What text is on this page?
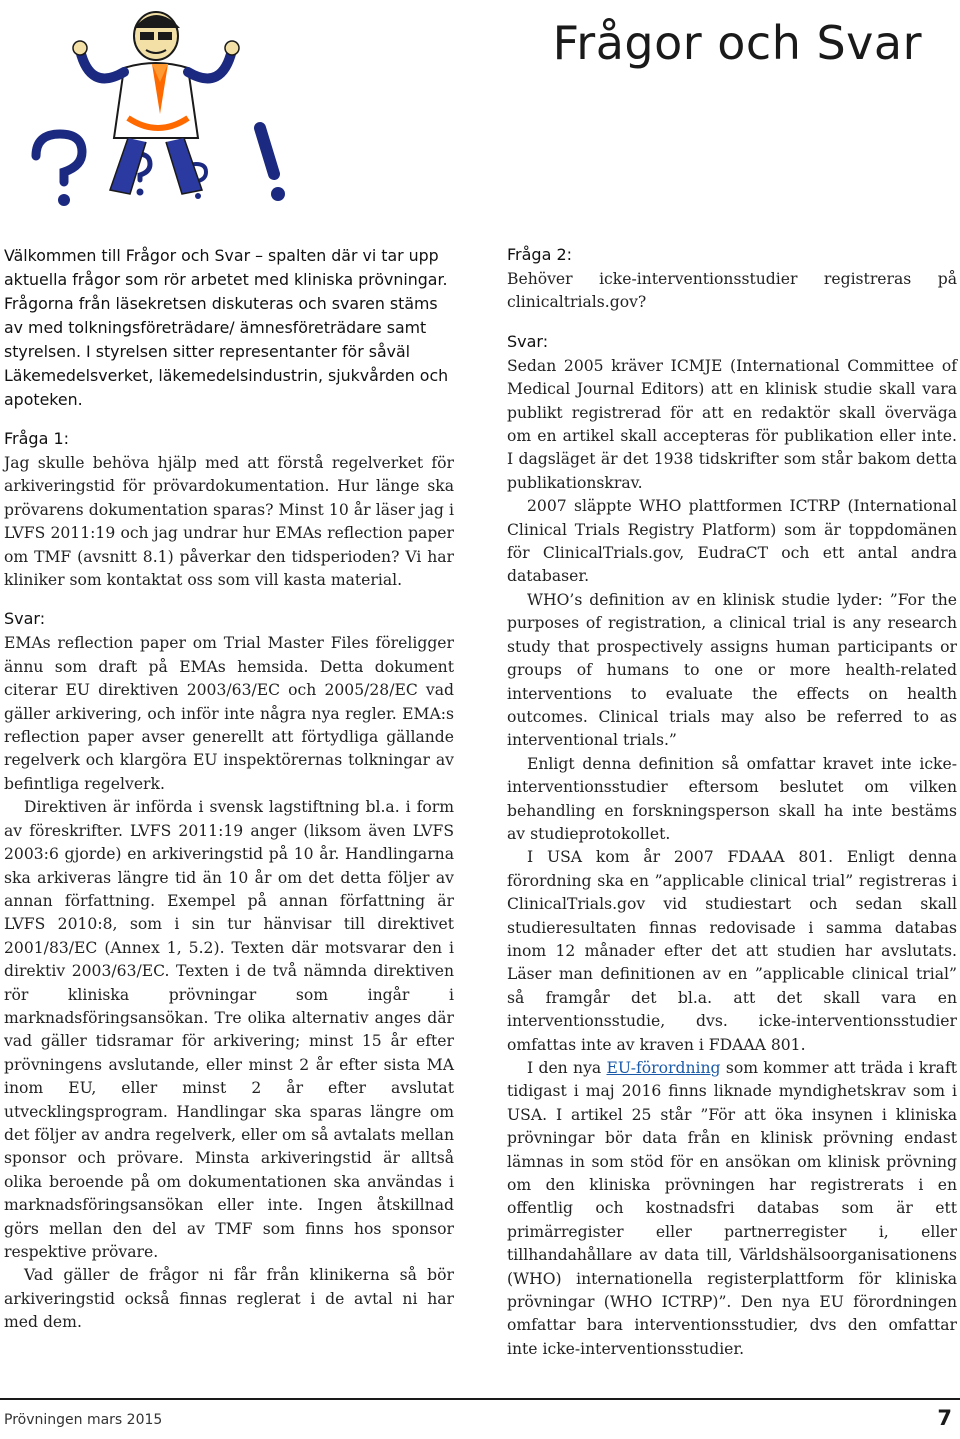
Frågor och Svar

Välkommen till Frågor och Svar – spalten där vi tar upp aktuella frågor som rör arbetet med kliniska prövningar. Frågorna från läsekretsen diskuteras och svaren stäms av med tolkningsföreträdare/ ämnesföreträdare samt styrelsen. I styrelsen sitter representanter för såväl Läkemedelsverket, läkemedelsindustrin, sjukvården och apoteken.

Fråga 1:

Jag skulle behöva hjälp med att förstå regelverket för arkiveringstid för prövardokumentation. Hur länge ska prövarens dokumentation sparas? Minst 10 år läser jag i LVFS 2011:19 och jag undrar hur EMAs reflection paper om TMF (avsnitt 8.1) påverkar den tidsperioden? Vi har kliniker som kontaktat oss som vill kasta material.

Svar:

EMAs reflection paper om Trial Master Files föreligger ännu som draft på EMAs hemsida. Detta dokument citerar EU direktiven 2003/63/EC och 2005/28/EC vad gäller arkivering, och inför inte några nya regler. EMA:s reflection paper avser generellt att förtydliga gällande regelverk och klargöra EU inspektörernas tolkningar av befintliga regelverk.

Direktiven är införda i svensk lagstiftning bl.a. i form av föreskrifter. LVFS 2011:19 anger (liksom även LVFS 2003:6 gjorde) en arkiveringstid på 10 år. Handlingarna ska arkiveras längre tid än 10 år om det detta följer av annan författning. Exempel på annan författning är LVFS 2010:8, som i sin tur hänvisar till direktivet 2001/83/EC (Annex 1, 5.2). Texten där motsvarar den i direktiv 2003/63/EC. Texten i de två nämnda direktiven rör kliniska prövningar som ingår i marknadsföringsansökan. Tre olika alternativ anges där vad gäller tidsramar för arkivering; minst 15 år efter prövningens avslutande, eller minst 2 år efter sista MA inom EU, eller minst 2 år efter avslutat utvecklingsprogram. Handlingar ska sparas längre om det följer av andra regelverk, eller om så avtalats mellan sponsor och prövare. Minsta arkiveringstid är alltså olika beroende på om dokumentationen ska användas i marknadsföringsansökan eller inte. Ingen åtskillnad görs mellan den del av TMF som finns hos sponsor respektive prövare.

Vad gäller de frågor ni får från klinikerna så bör arkiveringstid också finnas reglerat i de avtal ni har med dem.

Fråga 2:

Behöver icke-interventionsstudier registreras på clinicaltrials.gov?

Svar:

Sedan 2005 kräver ICMJE (International Committee of Medical Journal Editors) att en klinisk studie skall vara publikt registrerad för att en redaktör skall överväga om en artikel skall accepteras för publikation eller inte. I dagsläget är det 1938 tidskrifter som står bakom detta publikationskrav.

2007 släppte WHO plattformen ICTRP (International Clinical Trials Registry Platform) som är toppdomänen för ClinicalTrials.gov, EudraCT och ett antal andra databaser.

WHO’s definition av en klinisk studie lyder: ”For the purposes of registration, a clinical trial is any research study that prospectively assigns human participants or groups of humans to one or more health-related interventions to evaluate the effects on health outcomes. Clinical trials may also be referred to as interventional trials.”

Enligt denna definition så omfattar kravet inte icke-interventionsstudier eftersom beslutet om vilken behandling en forskningsperson skall ha inte bestäms av studieprotokollet.

I USA kom år 2007 FDAAA 801. Enligt denna förordning ska en ”applicable clinical trial” registreras i ClinicalTrials.gov vid studiestart och sedan skall studieresultaten finnas redovisade i samma databas inom 12 månader efter det att studien har avslutats. Läser man definitionen av en ”applicable clinical trial” så framgår det bl.a. att det skall vara en interventionsstudie, dvs. icke-interventionsstudier omfattas inte av kraven i FDAAA 801.

I den nya EU-förordning som kommer att träda i kraft tidigast i maj 2016 finns liknade myndighetskrav som i USA. I artikel 25 står ”För att öka insynen i kliniska prövningar bör data från en klinisk prövning endast lämnas in som stöd för en ansökan om klinisk prövning om den kliniska prövningen har registrerats i en offentlig och kostnadsfri databas som är ett primärregister eller partnerregister i, eller tillhandahållare av data till, Världshälsoorganisationens (WHO) internationella registerplattform för kliniska prövningar (WHO ICTRP)”. Den nya EU förordningen omfattar bara interventionsstudier, dvs den omfattar inte icke-interventionsstudier.

Prövningen mars 2015	7
